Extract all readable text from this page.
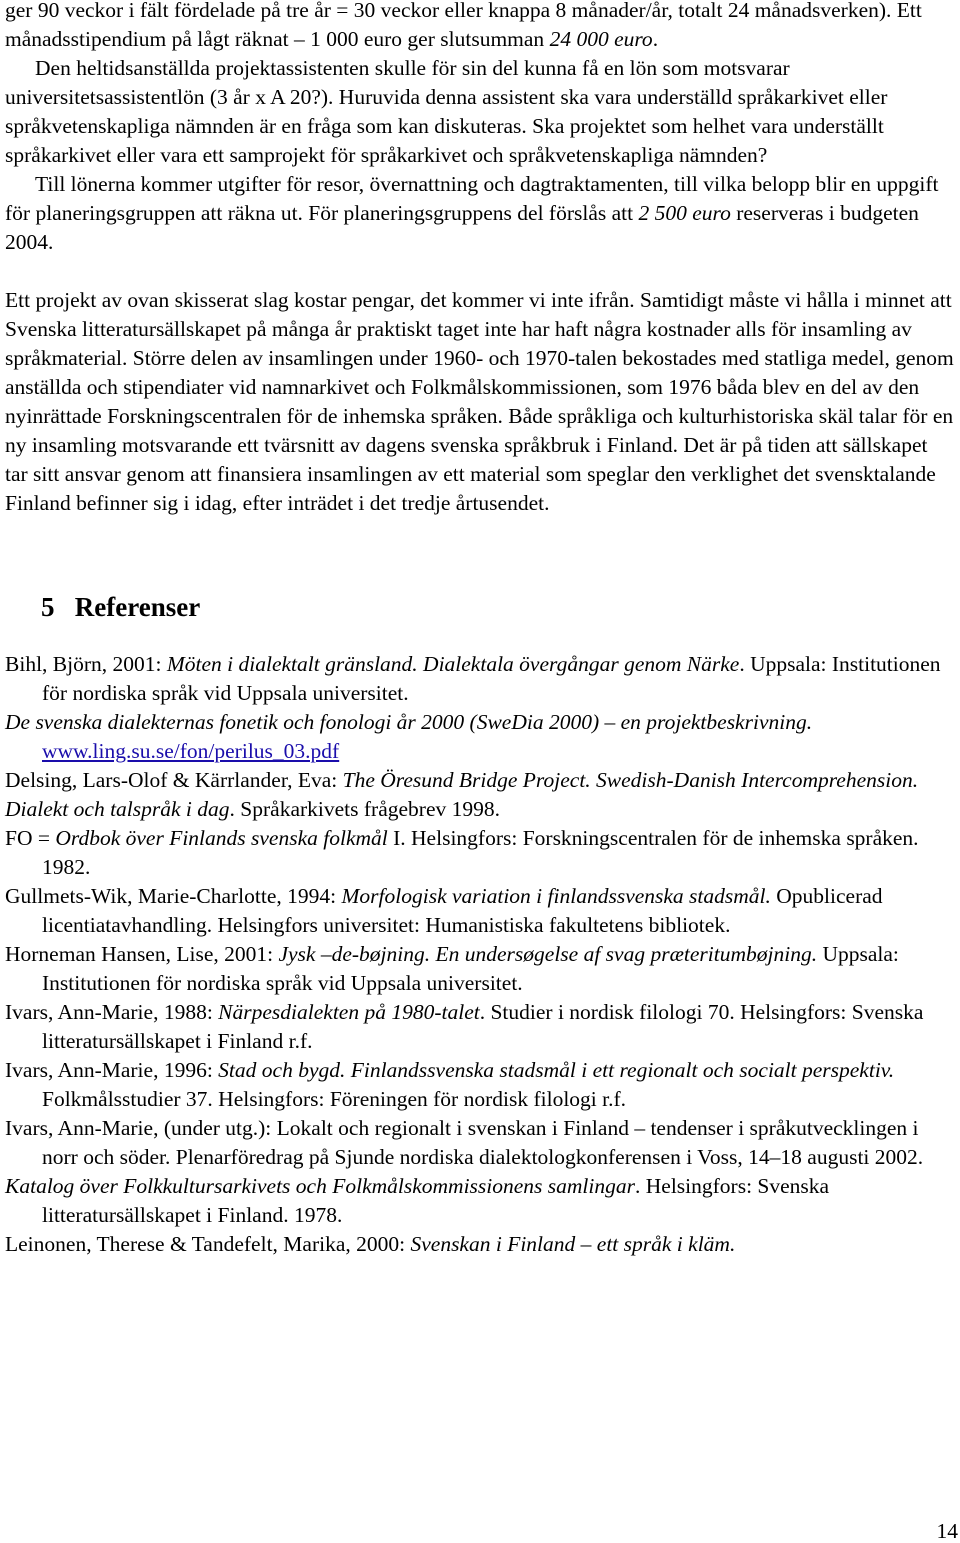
ger 90 veckor i fält fördelade på tre år = 30 veckor eller knappa 8 månader/år, totalt 24 månadsverken). Ett månadsstipendium på lågt räknat – 1 000 euro ger slutsumman 24 000 euro.

Den heltidsanställda projektassistenten skulle för sin del kunna få en lön som motsvarar universitetsassistentlön (3 år x A 20?). Huruvida denna assistent ska vara underställd språkarkivet eller språkvetenskapliga nämnden är en fråga som kan diskuteras. Ska projektet som helhet vara underställt språkarkivet eller vara ett samprojekt för språkarkivet och språkvetenskapliga nämnden?

Till lönerna kommer utgifter för resor, övernattning och dagtraktamenten, till vilka belopp blir en uppgift för planeringsgruppen att räkna ut. För planeringsgruppens del förslås att 2 500 euro reserveras i budgeten 2004.

Ett projekt av ovan skisserat slag kostar pengar, det kommer vi inte ifrån. Samtidigt måste vi hålla i minnet att Svenska litteratursällskapet på många år praktiskt taget inte har haft några kostnader alls för insamling av språkmaterial. Större delen av insamlingen under 1960- och 1970-talen bekostades med statliga medel, genom anställda och stipendiater vid namnarkivet och Folkmålskommissionen, som 1976 båda blev en del av den nyinrättade Forskningscentralen för de inhemska språken. Både språkliga och kulturhistoriska skäl talar för en ny insamling motsvarande ett tvärsnitt av dagens svenska språkbruk i Finland. Det är på tiden att sällskapet tar sitt ansvar genom att finansiera insamlingen av ett material som speglar den verklighet det svensktalande Finland befinner sig i idag, efter inträdet i det tredje årtusendet.

5 Referenser

Bihl, Björn, 2001: Möten i dialektalt gränsland. Dialektala övergångar genom Närke. Uppsala: Institutionen för nordiska språk vid Uppsala universitet.

De svenska dialekternas fonetik och fonologi år 2000 (SweDia 2000) – en projektbeskrivning. www.ling.su.se/fon/perilus_03.pdf

Delsing, Lars-Olof & Kärrlander, Eva: The Öresund Bridge Project. Swedish-Danish Intercomprehension.

Dialekt och talspråk i dag. Språkarkivets frågebrev 1998.

FO = Ordbok över Finlands svenska folkmål I. Helsingfors: Forskningscentralen för de inhemska språken. 1982.

Gullmets-Wik, Marie-Charlotte, 1994: Morfologisk variation i finlandssvenska stadsmål. Opublicerad licentiatavhandling. Helsingfors universitet: Humanistiska fakultetens bibliotek.

Horneman Hansen, Lise, 2001: Jysk –de-bøjning. En undersøgelse af svag præteritumbøjning. Uppsala: Institutionen för nordiska språk vid Uppsala universitet.

Ivars, Ann-Marie, 1988: Närpesdialekten på 1980-talet. Studier i nordisk filologi 70. Helsingfors: Svenska litteratursällskapet i Finland r.f.

Ivars, Ann-Marie, 1996: Stad och bygd. Finlandssvenska stadsmål i ett regionalt och socialt perspektiv. Folkmålsstudier 37. Helsingfors: Föreningen för nordisk filologi r.f.

Ivars, Ann-Marie, (under utg.): Lokalt och regionalt i svenskan i Finland – tendenser i språkutvecklingen i norr och söder. Plenarföredrag på Sjunde nordiska dialektologkonferensen i Voss, 14–18 augusti 2002.

Katalog över Folkkultursarkivets och Folkmålskommissionens samlingar. Helsingfors: Svenska litteratursällskapet i Finland. 1978.

Leinonen, Therese & Tandefelt, Marika, 2000: Svenskan i Finland – ett språk i kläm.

14
